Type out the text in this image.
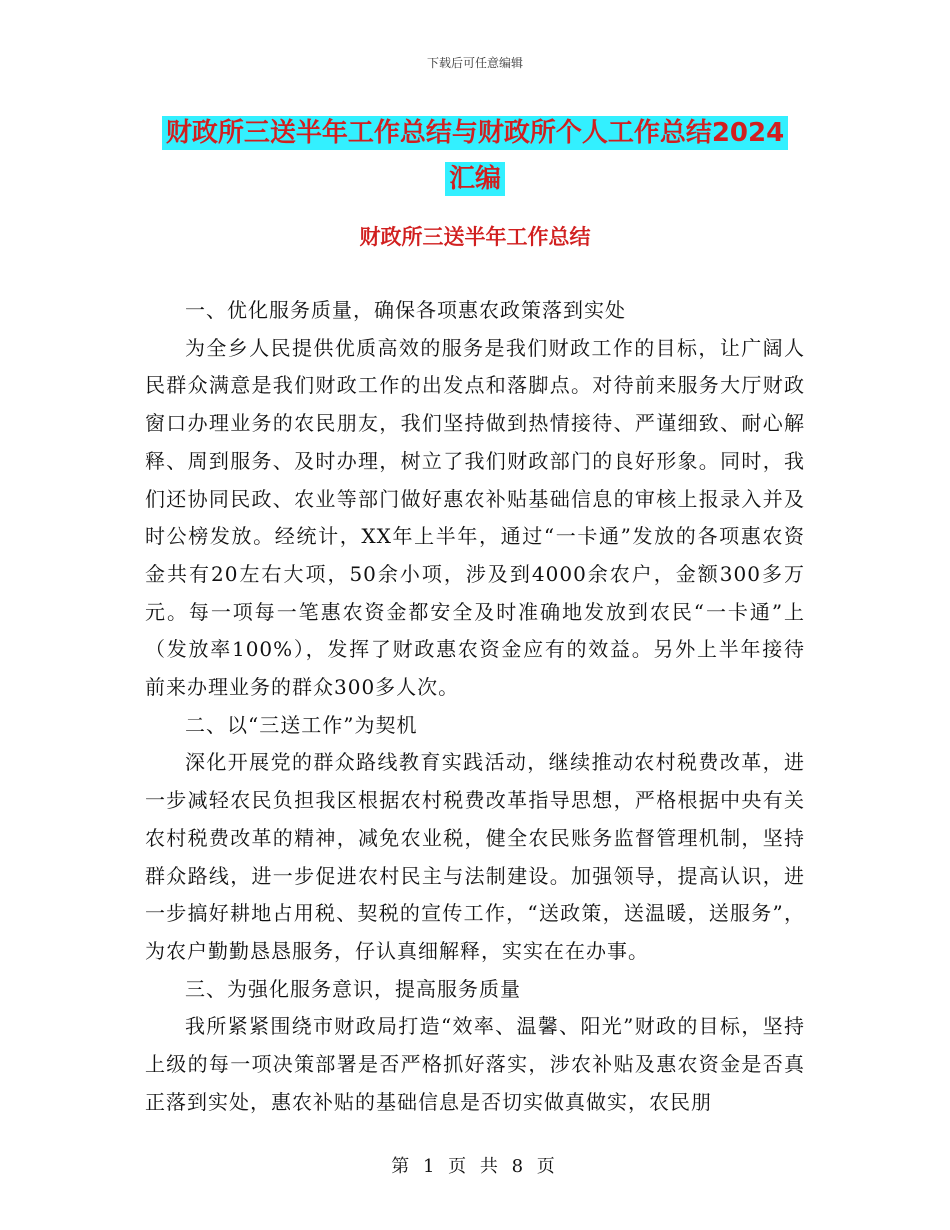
下载后可任意编辑
财政所三送半年工作总结与财政所个人工作总结2024
汇编
财政所三送半年工作总结

一、优化服务质量，确保各项惠农政策落到实处

为全乡人民提供优质高效的服务是我们财政工作的目标，让广阔人民群众满意是我们财政工作的出发点和落脚点。对待前来服务大厅财政窗口办理业务的农民朋友，我们坚持做到热情接待、严谨细致、耐心解释、周到服务、及时办理，树立了我们财政部门的良好形象。同时，我们还协同民政、农业等部门做好惠农补贴基础信息的审核上报录入并及时公榜发放。经统计，XX年上半年，通过“一卡通”发放的各项惠农资金共有20左右大项，50余小项，涉及到4000余农户，金额300多万元。每一项每一笔惠农资金都安全及时准确地发放到农民“一卡通”上（发放率100%），发挥了财政惠农资金应有的效益。另外上半年接待前来办理业务的群众300多人次。

二、以“三送工作”为契机

深化开展党的群众路线教育实践活动，继续推动农村税费改革，进一步减轻农民负担我区根据农村税费改革指导思想，严格根据中央有关农村税费改革的精神，减免农业税，健全农民账务监督管理机制，坚持群众路线，进一步促进农村民主与法制建设。加强领导，提高认识，进一步搞好耕地占用税、契税的宣传工作，“送政策，送温暖，送服务”，为农户勤勤恳恳服务，仔认真细解释，实实在在办事。

三、为强化服务意识，提高服务质量

我所紧紧围绕市财政局打造“效率、温馨、阳光”财政的目标，坚持上级的每一项决策部署是否严格抓好落实，涉农补贴及惠农资金是否真正落到实处，惠农补贴的基础信息是否切实做真做实，农民朋

第 1 页 共 8 页
